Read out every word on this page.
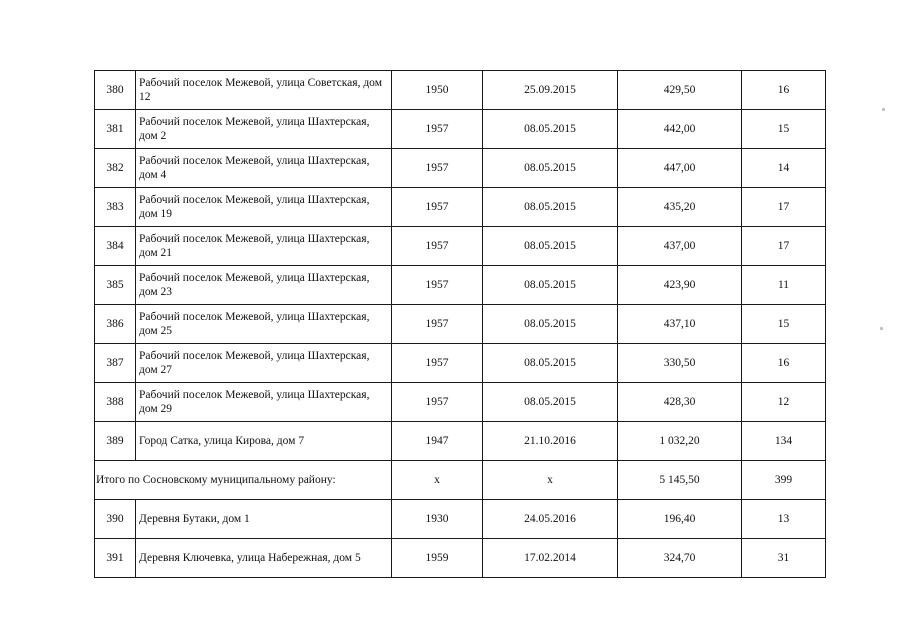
380	Рабочий поселок Межевой, улица Советская, дом 12	1950	25.09.2015	429,50	16
381	Рабочий поселок Межевой, улица Шахтерская, дом 2	1957	08.05.2015	442,00	15
382	Рабочий поселок Межевой, улица Шахтерская, дом 4	1957	08.05.2015	447,00	14
383	Рабочий поселок Межевой, улица Шахтерская, дом 19	1957	08.05.2015	435,20	17
384	Рабочий поселок Межевой, улица Шахтерская, дом 21	1957	08.05.2015	437,00	17
385	Рабочий поселок Межевой, улица Шахтерская, дом 23	1957	08.05.2015	423,90	11
386	Рабочий поселок Межевой, улица Шахтерская, дом 25	1957	08.05.2015	437,10	15
387	Рабочий поселок Межевой, улица Шахтерская, дом 27	1957	08.05.2015	330,50	16
388	Рабочий поселок Межевой, улица Шахтерская, дом 29	1957	08.05.2015	428,30	12
389	Город Сатка, улица Кирова, дом 7	1947	21.10.2016	1 032,20	134
Итого по Сосновскому муниципальному району:		x	x	5 145,50	399
390	Деревня Бутаки, дом 1	1930	24.05.2016	196,40	13
391	Деревня Ключевка, улица Набережная, дом 5	1959	17.02.2014	324,70	31
